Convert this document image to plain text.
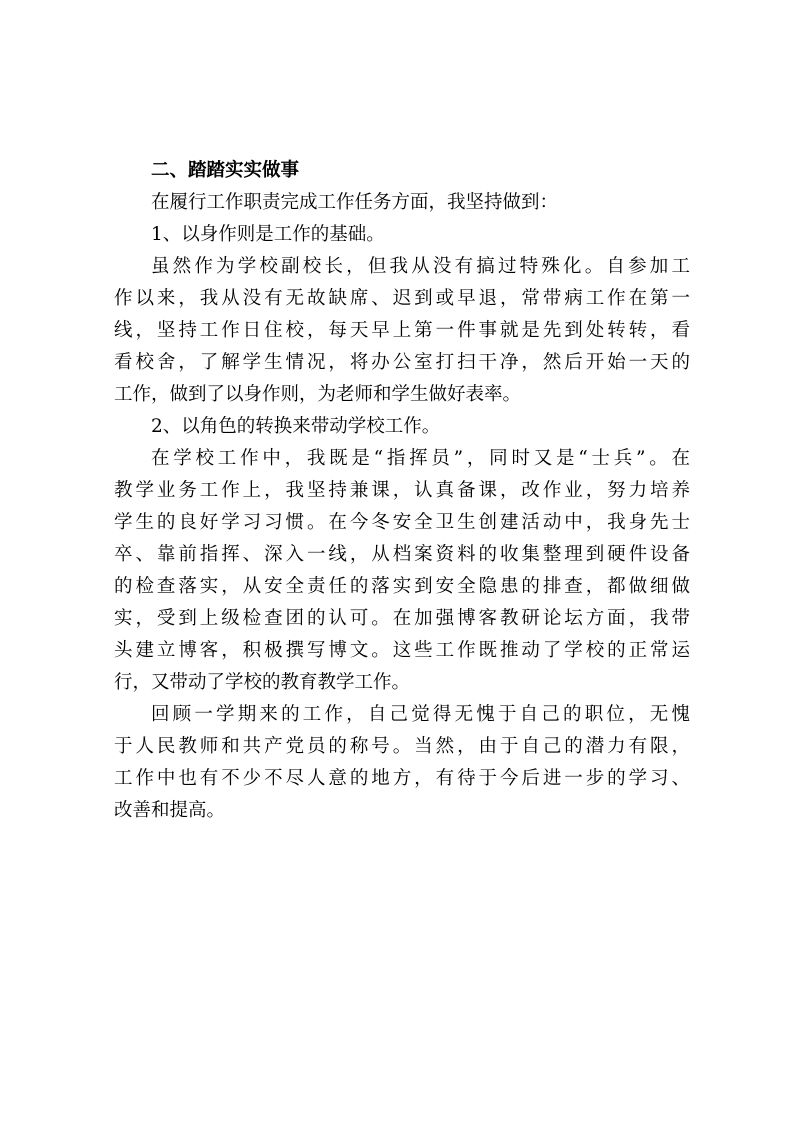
二、踏踏实实做事
在履行工作职责完成工作任务方面，我坚持做到：
1、以身作则是工作的基础。
虽然作为学校副校长，但我从没有搞过特殊化。自参加工
作以来，我从没有无故缺席、迟到或早退，常带病工作在第一
线，坚持工作日住校，每天早上第一件事就是先到处转转，看
看校舍，了解学生情况，将办公室打扫干净，然后开始一天的
工作，做到了以身作则，为老师和学生做好表率。
2、以角色的转换来带动学校工作。
在学校工作中，我既是“指挥员”，同时又是“士兵”。在
教学业务工作上，我坚持兼课，认真备课，改作业，努力培养
学生的良好学习习惯。在今冬安全卫生创建活动中，我身先士
卒、靠前指挥、深入一线，从档案资料的收集整理到硬件设备
的检查落实，从安全责任的落实到安全隐患的排查，都做细做
实，受到上级检查团的认可。在加强博客教研论坛方面，我带
头建立博客，积极撰写博文。这些工作既推动了学校的正常运
行，又带动了学校的教育教学工作。
回顾一学期来的工作，自己觉得无愧于自己的职位，无愧
于人民教师和共产党员的称号。当然，由于自己的潜力有限，
工作中也有不少不尽人意的地方，有待于今后进一步的学习、
改善和提高。
